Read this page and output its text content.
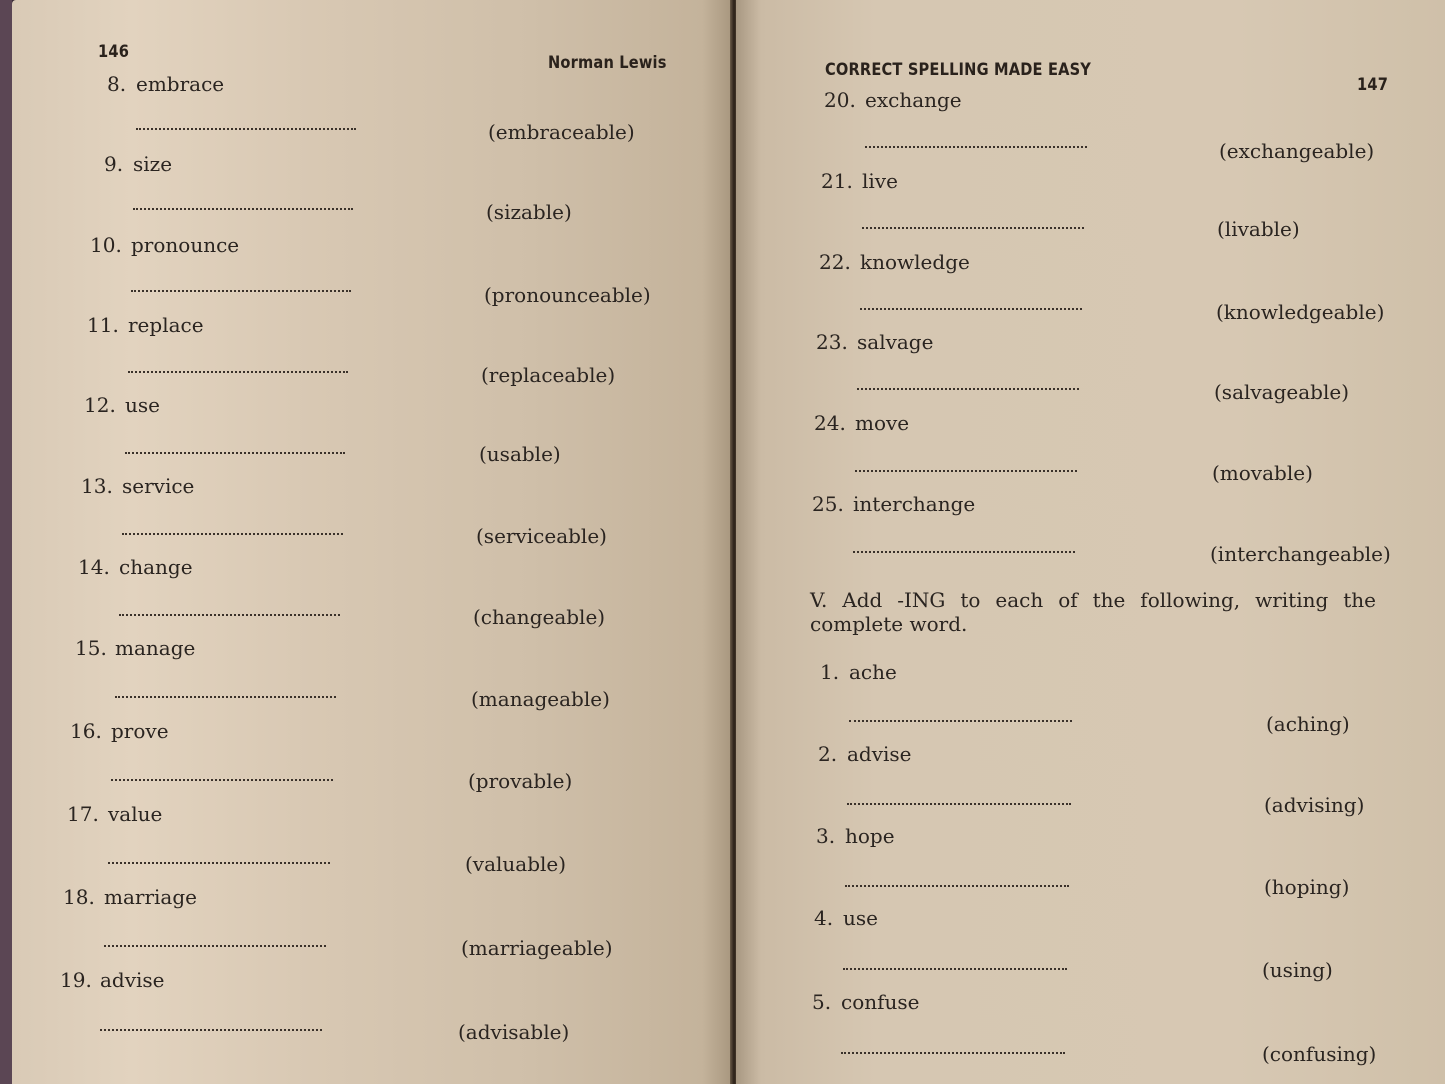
146
Norman Lewis
8. embrace
(embraceable)
9. size
(sizable)
10. pronounce
(pronounceable)
11. replace
(replaceable)
12. use
(usable)
13. service
(serviceable)
14. change
(changeable)
15. manage
(manageable)
16. prove
(provable)
17. value
(valuable)
18. marriage
(marriageable)
19. advise
(advisable)
CORRECT SPELLING MADE EASY
147
20. exchange
(exchangeable)
21. live
(livable)
22. knowledge
(knowledgeable)
23. salvage
(salvageable)
24. move
(movable)
25. interchange
(interchangeable)
V. Add -ING to each of the following, writing the complete word.
1. ache
(aching)
2. advise
(advising)
3. hope
(hoping)
4. use
(using)
5. confuse
(confusing)
